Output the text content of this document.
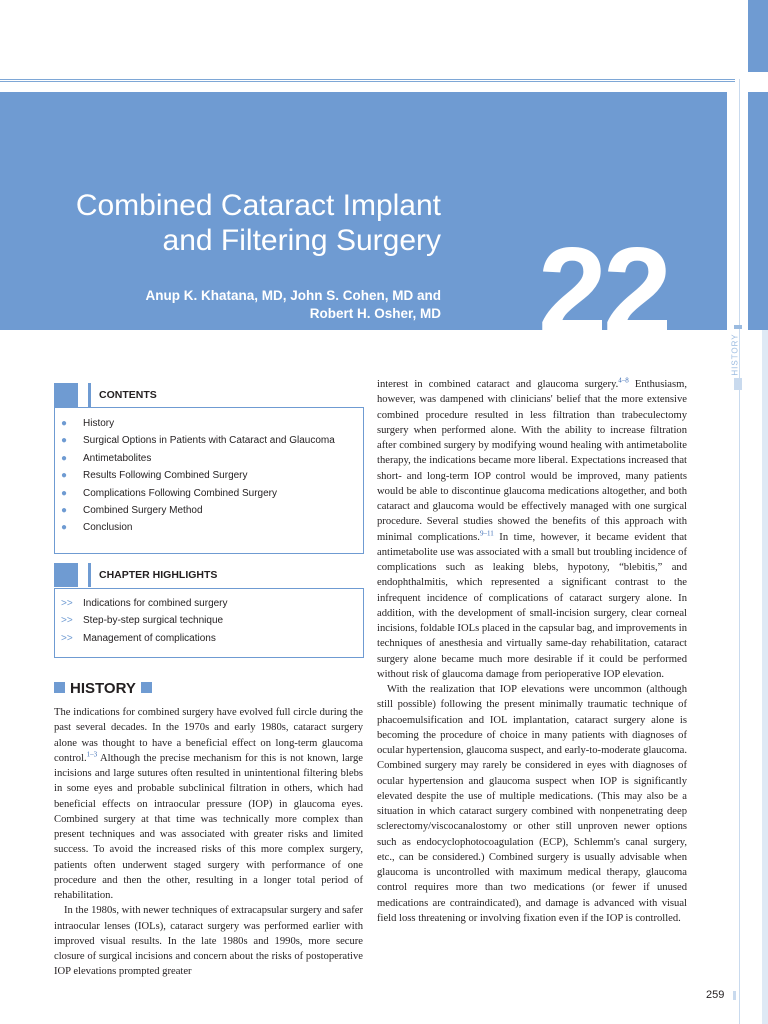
Combined Cataract Implant
and Filtering Surgery
Anup K. Khatana, MD, John S. Cohen, MD and
Robert H. Osher, MD 22	HISTORY
CONTENTS
● History
● Surgical Options in Patients with Cataract and Glaucoma
● Antimetabolites
● Results Following Combined Surgery
● Complications Following Combined Surgery
● Combined Surgery Method
● Conclusion
CHAPTER HIGHLIGHTS
>> Indications for combined surgery
>> Step-by-step surgical technique
>> Management of complications
HISTORY

The indications for combined surgery have evolved full circle during the past several decades. In the 1970s and early 1980s, cataract surgery alone was thought to have a beneficial effect on long-term glaucoma control.$^{1-3}$ Although the precise mechanism for this is not known, large incisions and large sutures often resulted in unintentional filtering blebs in some eyes and probable subclinical filtration in others, which had beneficial effects on intraocular pressure (IOP) in glaucoma eyes. Combined surgery at that time was technically more complex than present techniques and was associated with greater risks and limited success. To avoid the increased risks of this more complex surgery, patients often underwent staged surgery with performance of one procedure and then the other, resulting in a longer total period of rehabilitation.

In the 1980s, with newer techniques of extracapsular surgery and safer intraocular lenses (IOLs), cataract surgery was performed earlier with improved visual results. In the late 1980s and 1990s, more secure closure of surgical incisions and concern about the risks of postoperative IOP elevations prompted greater

interest in combined cataract and glaucoma surgery.$^{4-8}$ Enthusiasm, however, was dampened with clinicians' belief that the more extensive combined procedure resulted in less filtration than trabeculectomy surgery when performed alone. With the ability to increase filtration after combined surgery by modifying wound healing with antimetabolite therapy, the indications became more liberal. Expectations increased that short- and long-term IOP control would be improved, many patients would be able to discontinue glaucoma medications altogether, and both cataract and glaucoma would be effectively managed with one surgical procedure. Several studies showed the benefits of this approach with minimal complications.$^{9-11}$ In time, however, it became evident that antimetabolite use was associated with a small but troubling incidence of complications such as leaking blebs, hypotony, “blebitis,” and endophthalmitis, which represented a significant contrast to the infrequent incidence of complications of cataract surgery alone. In addition, with the development of small-incision surgery, clear corneal incisions, foldable IOLs placed in the capsular bag, and improvements in techniques of anesthesia and virtually same-day rehabilitation, cataract surgery alone became much more desirable if it could be performed without risk of glaucoma damage from perioperative IOP elevation.

With the realization that IOP elevations were uncommon (although still possible) following the present minimally traumatic technique of phacoemulsification and IOL implantation, cataract surgery alone is becoming the procedure of choice in many patients with diagnoses of ocular hypertension, glaucoma suspect, and early-to-moderate glaucoma. Combined surgery may rarely be considered in eyes with diagnoses of ocular hypertension and glaucoma suspect when IOP is significantly elevated despite the use of multiple medications. (This may also be a situation in which cataract surgery combined with nonpenetrating deep sclerectomy/viscocanalostomy or other still unproven newer options such as endocyclophotocoagulation (ECP), Schlemm's canal surgery, etc., can be considered.) Combined surgery is usually advisable when glaucoma is uncontrolled with maximum medical therapy, glaucoma control requires more than two medications (or fewer if unused medications are contraindicated), and damage is advanced with visual field loss threatening or involving fixation even if the IOP is controlled.

259
